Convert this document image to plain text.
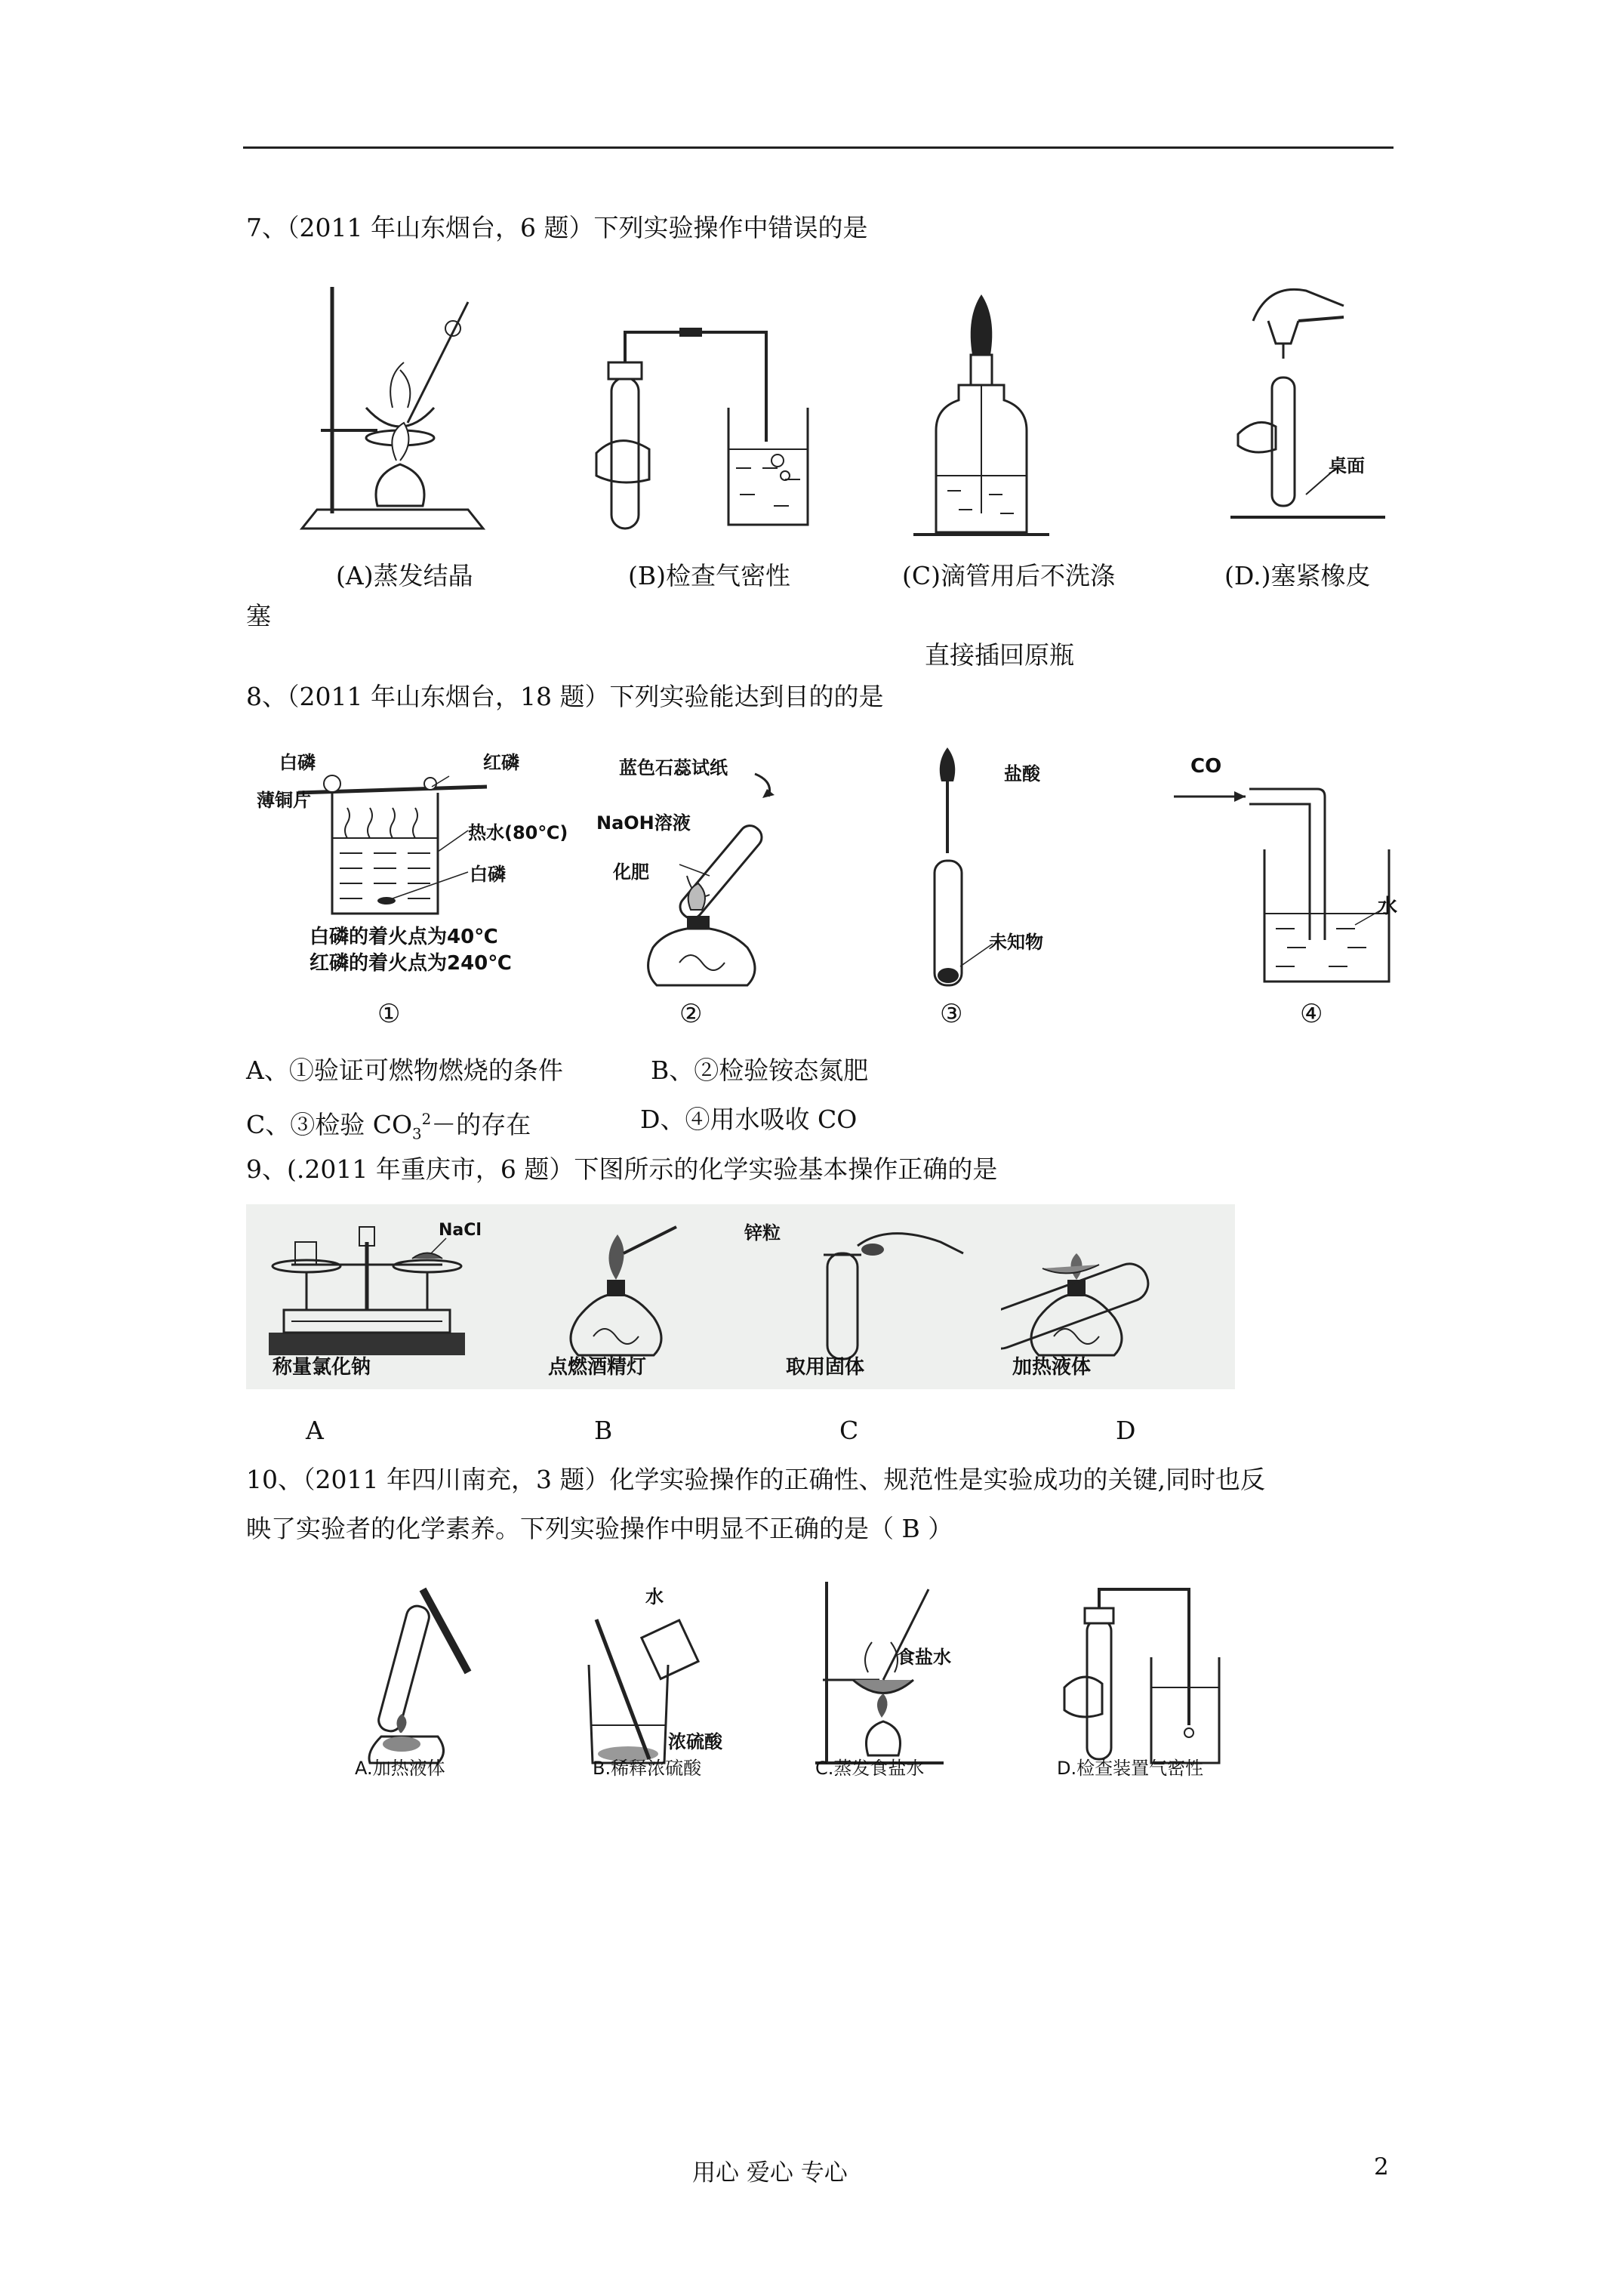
7、（2011 年山东烟台，6 题）下列实验操作中错误的是
桌面
(A)蒸发结晶	(B)检查气密性	(C)滴管用后不洗涤	(D.)塞紧橡皮
塞
直接插回原瓶
8、（2011 年山东烟台，18 题）下列实验能达到目的的是
白磷	红磷
薄铜片
热水(80℃)
白磷
白磷的着火点为40℃
红磷的着火点为240℃
蓝色石蕊试纸
NaOH溶液
化肥
盐酸
未知物
CO
水
①	②	③	④
A、①验证可燃物燃烧的条件	B、②检验铵态氮肥
C、③检验 $CO_3^2-$的存在	D、④用水吸收 CO
9、(.2011 年重庆市，6 题）下图所示的化学实验基本操作正确的是
NaCl
称量氯化钠	点燃酒精灯
锌粒
取用固体	加热液体
A	B	C	D
10、（2011 年四川南充，3 题）化学实验操作的正确性、规范性是实验成功的关键,同时也反
映了实验者的化学素养。下列实验操作中明显不正确的是（ B ）
A.加热液体
水
浓硫酸
B.稀释浓硫酸
食盐水
C.蒸发食盐水	D.检查装置气密性
用心 爱心 专心	2
